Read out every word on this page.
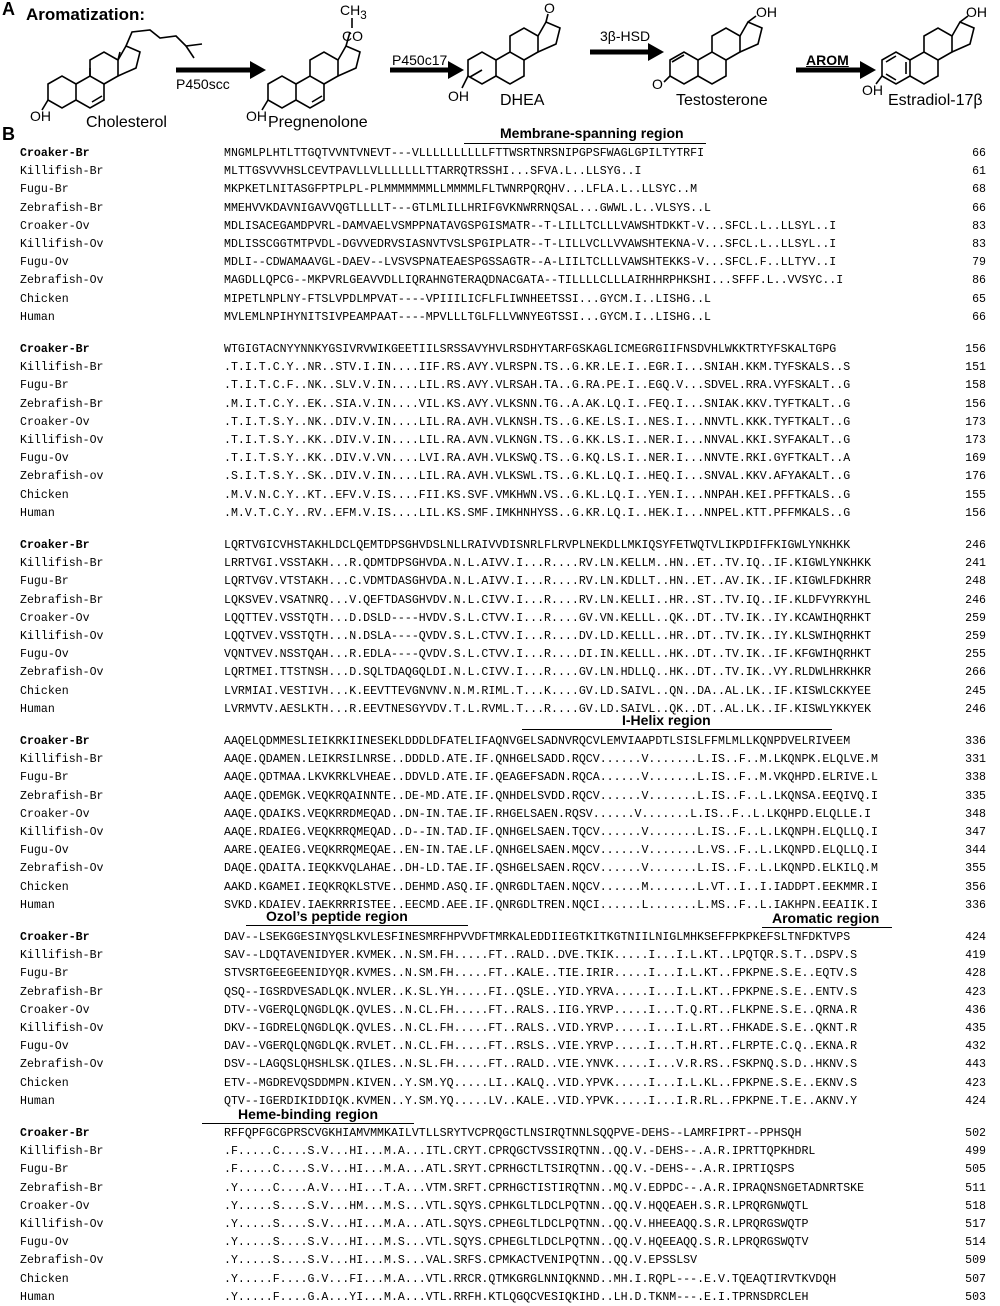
A Aromatization:
Cholesterol	Pregnenolone
DHEA	Testosterone	Estradiol-17β
P450scc
P450c17
3β-HSD
AROM
OH	OH
CO
$CH_3$
OH
O
O
OH
OH
OH
B	Membrane-spanning region
I-Helix region
Ozol’s peptide region	Aromatic region
Heme-binding region
Croaker-Br	MNGMLPLHTLTTGQTVVNTVNEVT---VLLLLLLLLLLFTTWSRTNRSNIPGPSFWAGLGPILTYTRFI	66
Killifish-Br	MLTTGSVVVHSLCEVTPAVLLVLLLLLLLTTARRQTRSSHI...SFVA.L..LLSYG..I	61
Fugu-Br	MKPKETLNITASGFPTPLPL-PLMMMMMMMLLMMMMLFLTWNRPQRQHV...LFLA.L..LLSYC..M	68
Zebrafish-Br	MMEHVVKDAVNIGAVVQGTLLLLT---GTLMLILLHRIFGVKNWRRNQSAL...GWWL.L..VLSYS..L	66
Croaker-Ov	MDLISACEGAMDPVRL-DAMVAELVSMPPNATAVGSPGISMATR--T-LILLTCLLLVAWSHTDKKT-V...SFCL.L..LLSYL..I	83
Killifish-Ov	MDLISSCGGTMTPVDL-DGVVEDRVSIASNVTVSLSPGIPLATR--T-LILLVCLLVVAWSHTEKNA-V...SFCL.L..LLSYL..I	83
Fugu-Ov	MDLI--CDWAMAAVGL-DAEV--LVSVSPNATEAESPGSSAGTR--A-LIILTCLLLVAWSHTEKKS-V...SFCL.F..LLTYV..I	79
Zebrafish-Ov	MAGDLLQPCG--MKPVRLGEAVVDLLIQRAHNGTERAQDNACGATA--TILLLLCLLLAIRHHRPHKSHI...SFFF.L..VVSYC..I	86
Chicken	MIPETLNPLNY-FTSLVPDLMPVAT----VPIIILICFLFLIWNHEETSSI...GYCM.I..LISHG..L	65
Human	MVLEMLNPIHYNITSIVPEAMPAAT----MPVLLLTGLFLLVWNYEGTSSI...GYCM.I..LISHG..L	66
Croaker-Br	WTGIGTACNYYNNKYGSIVRVWIKGEETIILSRSSAVYHVLRSDHYTARFGSKAGLICMEGRGIIFNSDVHLWKKTRTYFSKALTGPG	156
Killifish-Br	.T.I.T.C.Y..NR..STV.I.IN....IIF.RS.AVY.VLRSPN.TS..G.KR.LE.I..EGR.I...SNIAH.KKM.TYFSKALS..S	151
Fugu-Br	.T.I.T.C.F..NK..SLV.V.IN....LIL.RS.AVY.VLRSAH.TA..G.RA.PE.I..EGQ.V...SDVEL.RRA.VYFSKALT..G	158
Zebrafish-Br	.M.I.T.C.Y..EK..SIA.V.IN....VIL.KS.AVY.VLKSNN.TG..A.AK.LQ.I..FEQ.I...SNIAK.KKV.TYFTKALT..G	156
Croaker-Ov	.T.I.T.S.Y..NK..DIV.V.IN....LIL.RA.AVH.VLKNSH.TS..G.KE.LS.I..NES.I...NNVTL.KKK.TYFTKALT..G	173
Killifish-Ov	.T.I.T.S.Y..KK..DIV.V.IN....LIL.RA.AVN.VLKNGN.TS..G.KK.LS.I..NER.I...NNVAL.KKI.SYFAKALT..G	173
Fugu-Ov	.T.I.T.S.Y..KK..DIV.V.VN....LVI.RA.AVH.VLKSWQ.TS..G.KQ.LS.I..NER.I...NNVTE.RKI.GYFTKALT..A	169
Zebrafish-ov	.S.I.T.S.Y..SK..DIV.V.IN....LIL.RA.AVH.VLKSWL.TS..G.KL.LQ.I..HEQ.I...SNVAL.KKV.AFYAKALT..G	176
Chicken	.M.V.N.C.Y..KT..EFV.V.IS....FII.KS.SVF.VMKHWN.VS..G.KL.LQ.I..YEN.I...NNPAH.KEI.PFFTKALS..G	155
Human	.M.V.T.C.Y..RV..EFM.V.IS....LIL.KS.SMF.IMKHNHYSS..G.KR.LQ.I..HEK.I...NNPEL.KTT.PFFMKALS..G	156
Croaker-Br	LQRTVGICVHSTAKHLDCLQEMTDPSGHVDSLNLLRAIVVDISNRLFLRVPLNEKDLLMKIQSYFETWQTVLIKPDIFFKIGWLYNKHKK	246
Killifish-Br	LRRTVGI.VSSTAKH...R.QDMTDPSGHVDA.N.L.AIVV.I...R....RV.LN.KELLM..HN..ET..TV.IQ..IF.KIGWLYNKHKK	241
Fugu-Br	LQRTVGV.VTSTAKH...C.VDMTDASGHVDA.N.L.AIVV.I...R....RV.LN.KDLLT..HN..ET..AV.IK..IF.KIGWLFDKHRR	248
Zebrafish-Br	LQKSVEV.VSATNRQ...V.QEFTDASGHVDV.N.L.CIVV.I...R....RV.LN.KELLI..HR..ST..TV.IQ..IF.KLDFVYRKYHL	246
Croaker-Ov	LQQTTEV.VSSTQTH...D.DSLD----HVDV.S.L.CTVV.I...R....GV.VN.KELLL..QK..DT..TV.IK..IY.KCAWIHQRHKT	259
Killifish-Ov	LQQTVEV.VSSTQTH...N.DSLA----QVDV.S.L.CTVV.I...R....DV.LD.KELLL..HR..DT..TV.IK..IY.KLSWIHQRHKT	259
Fugu-Ov	VQNTVEV.NSSTQAH...R.EDLA----QVDV.S.L.CTVV.I...R....DI.IN.KELLL..HK..DT..TV.IK..IF.KFGWIHQRHKT	255
Zebrafish-Ov	LQRTMEI.TTSTNSH...D.SQLTDAQGQLDI.N.L.CIVV.I...R....GV.LN.HDLLQ..HK..DT..TV.IK..VY.RLDWLHRKHKR	266
Chicken	LVRMIAI.VESTIVH...K.EEVTTEVGNVNV.N.M.RIML.T...K....GV.LD.SAIVL..QN..DA..AL.LK..IF.KISWLCKKYEE	245
Human	LVRMVTV.AESLKTH...R.EEVTNESGYVDV.T.L.RVML.T...R....GV.LD.SAIVL..QK..DT..AL.LK..IF.KISWLYKKYEK	246
Croaker-Br	AAQELQDMMESLIEIKRKIINESEKLDDDLDFATELIFAQNVGELSADNVRQCVLEMVIAAPDTLSISLFFMLMLLKQNPDVELRIVEEM	336
Killifish-Br	AAQE.QDAMEN.LEIKRSILNRSE..DDDLD.ATE.IF.QNHGELSADD.RQCV......V.......L.IS..F..M.LKQNPK.ELQLVE.M	331
Fugu-Br	AAQE.QDTMAA.LKVKRKLVHEAE..DDVLD.ATE.IF.QEAGEFSADN.RQCA......V.......L.IS..F..M.VKQHPD.ELRIVE.L	338
Zebrafish-Br	AAQE.QDEMGK.VEQKRQAINNTE..DE-MD.ATE.IF.QNHDELSVDD.RQCV......V.......L.IS..F..L.LKQNSA.EEQIVQ.I	335
Croaker-Ov	AAQE.QDAIKS.VEQKRRDMEQAD..DN-IN.TAE.IF.RHGELSAEN.RQSV......V.......L.IS..F..L.LKQHPD.ELQLLE.I	348
Killifish-Ov	AAQE.RDAIEG.VEQKRRQMEQAD..D--IN.TAD.IF.QNHGELSAEN.TQCV......V.......L.IS..F..L.LKQNPH.ELQLLQ.I	347
Fugu-Ov	AARE.QEAIEG.VEQKRRQMEQAE..EN-IN.TAE.LF.QNHGELSAEN.MQCV......V.......L.VS..F..L.LKQNPD.ELQLLQ.I	344
Zebrafish-Ov	DAQE.QDAITA.IEQKKVQLAHAE..DH-LD.TAE.IF.QSHGELSAEN.RQCV......V.......L.IS..F..L.LKQNPD.ELKILQ.M	355
Chicken	AAKD.KGAMEI.IEQKRQKLSTVE..DEHMD.ASQ.IF.QNRGDLTAEN.NQCV......M.......L.VT..I..I.IADDPT.EEKMMR.I	356
Human	SVKD.KDAIEV.IAEKRRRISTEE..EECMD.AEE.IF.QNRGDLTREN.NQCI......L.......L.MS..F..L.IAKHPN.EEAIIK.I	336
Croaker-Br	DAV--LSEKGGESINYQSLKVLESFINESMRFHPVVDFTMRKALEDDIIEGTKITKGTNIILNIGLMHKSEFFPKPKEFSLTNFDKTVPS	424
Killifish-Br	SAV--LDQTAVENIDYER.KVMEK..N.SM.FH.....FT..RALD..DVE.TKIK.....I...I.L.KT..LPQTQR.S.T..DSPV.S	419
Fugu-Br	STVSRTGEEGEENIDYQR.KVMES..N.SM.FH.....FT..KALE..TIE.IRIR.....I...I.L.KT..FPKPNE.S.E..EQTV.S	428
Zebrafish-Br	QSQ--IGSRDVESADLQK.NVLER..K.SL.YH.....FI..QSLE..YID.YRVA.....I...I.L.KT..FPKPNE.S.E..ENTV.S	423
Croaker-Ov	DTV--VGERQLQNGDLQK.QVLES..N.CL.FH.....FT..RALS..IIG.YRVP.....I...T.Q.RT..FLKPNE.S.E..QRNA.R	436
Killifish-Ov	DKV--IGDRELQNGDLQK.QVLES..N.CL.FH.....FT..RALS..VID.YRVP.....I...I.L.RT..FHKADE.S.E..QKNT.R	435
Fugu-Ov	DAV--VGERQLQNGDLQK.RVLET..N.CL.FH.....FT..RSLS..VIE.YRVP.....I...T.H.RT..FLRPTE.C.Q..EKNA.R	432
Zebrafish-Ov	DSV--LAGQSLQHSHLSK.QILES..N.SL.FH.....FT..RALD..VIE.YNVK.....I...V.R.RS..FSKPNQ.S.D..HKNV.S	443
Chicken	ETV--MGDREVQSDDMPN.KIVEN..Y.SM.YQ.....LI..KALQ..VID.YPVK.....I...I.L.KL..FPKPNE.S.E..EKNV.S	423
Human	QTV--IGERDIKIDDIQK.KVMEN..Y.SM.YQ.....LV..KALE..VID.YPVK.....I...I.R.RL..FPKPNE.T.E..AKNV.Y	424
Croaker-Br	RFFQPFGCGPRSCVGKHIAMVMMKAILVTLLSRYTVCPRQGCTLNSIRQTNNLSQQPVE-DEHS--LAMRFIPRT--PPHSQH	502
Killifish-Br	.F.....C....S.V...HI...M.A...ITL.CRYT.CPRQGCTVSSIRQTNN..QQ.V.-DEHS--.A.R.IPRTTQPKHDRL	499
Fugu-Br	.F.....C....S.V...HI...M.A...ATL.SRYT.CPRHGCTLTSIRQTNN..QQ.V.-DEHS--.A.R.IPRTIQSPS	505
Zebrafish-Br	.Y.....C....A.V...HI...T.A...VTM.SRFT.CPRHGCTISTIRQTNN..MQ.V.EDPDC--.A.R.IPRAQNSNGETADNRTSKE	511
Croaker-Ov	.Y.....S....S.V...HM...M.S...VTL.SQYS.CPHKGLTLDCLPQTNN..QQ.V.HQQEAEH.S.R.LPRQRGNWQTL	518
Killifish-Ov	.Y.....S....S.V...HI...M.A...ATL.SQYS.CPHEGLTLDCLPQTNN..QQ.V.HHEEAQQ.S.R.LPRQRGSWQTP	517
Fugu-Ov	.Y.....S....S.V...HI...M.S...VTL.SQYS.CPHEGLTLDCLPQTNN..QQ.V.HQEEAQQ.S.R.LPRQRGSWQTV	514
Zebrafish-Ov	.Y.....S....S.V...HI...M.S...VAL.SRFS.CPMKACTVENIPQTNN..QQ.V.EPSSLSV	509
Chicken	.Y.....F....G.V...FI...M.A...VTL.RRCR.QTMKGRGLNNIQKNND..MH.I.RQPL---.E.V.TQEAQTIRVTKVDQH	507
Human	.Y.....F....G.A...YI...M.A...VTL.RRFH.KTLQGQCVESIQKIHD..LH.D.TKNM---.E.I.TPRNSDRCLEH	503
